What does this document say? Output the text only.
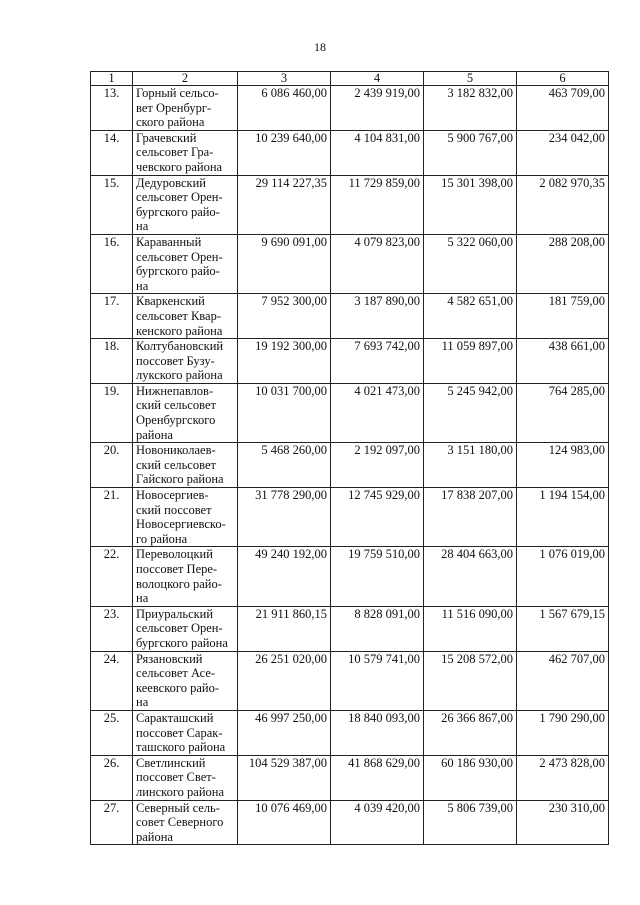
18
1	2	3	4	5	6
13.	Горный сельсо-
вет Оренбург-
ского района	6 086 460,00	2 439 919,00	3 182 832,00	463 709,00
14.	Грачевский
сельсовет Гра-
чевского района	10 239 640,00	4 104 831,00	5 900 767,00	234 042,00
15.	Дедуровский
сельсовет Орен-
бургского райо-
на	29 114 227,35	11 729 859,00	15 301 398,00	2 082 970,35
16.	Караванный
сельсовет Орен-
бургского райо-
на	9 690 091,00	4 079 823,00	5 322 060,00	288 208,00
17.	Кваркенский
сельсовет Квар-
кенского района	7 952 300,00	3 187 890,00	4 582 651,00	181 759,00
18.	Колтубановский
поссовет Бузу-
лукского района	19 192 300,00	7 693 742,00	11 059 897,00	438 661,00
19.	Нижнепавлов-
ский сельсовет
Оренбургского
района	10 031 700,00	4 021 473,00	5 245 942,00	764 285,00
20.	Новониколаев-
ский сельсовет
Гайского района	5 468 260,00	2 192 097,00	3 151 180,00	124 983,00
21.	Новосергиев-
ский поссовет
Новосергиевско-
го района	31 778 290,00	12 745 929,00	17 838 207,00	1 194 154,00
22.	Переволоцкий
поссовет Пере-
волоцкого райо-
на	49 240 192,00	19 759 510,00	28 404 663,00	1 076 019,00
23.	Приуральский
сельсовет Орен-
бургского района	21 911 860,15	8 828 091,00	11 516 090,00	1 567 679,15
24.	Рязановский
сельсовет Асе-
кеевского райо-
на	26 251 020,00	10 579 741,00	15 208 572,00	462 707,00
25.	Саракташский
поссовет Сарак-
ташского района	46 997 250,00	18 840 093,00	26 366 867,00	1 790 290,00
26.	Светлинский
поссовет Свет-
линского района	104 529 387,00	41 868 629,00	60 186 930,00	2 473 828,00
27.	Северный сель-
совет Северного
района	10 076 469,00	4 039 420,00	5 806 739,00	230 310,00
